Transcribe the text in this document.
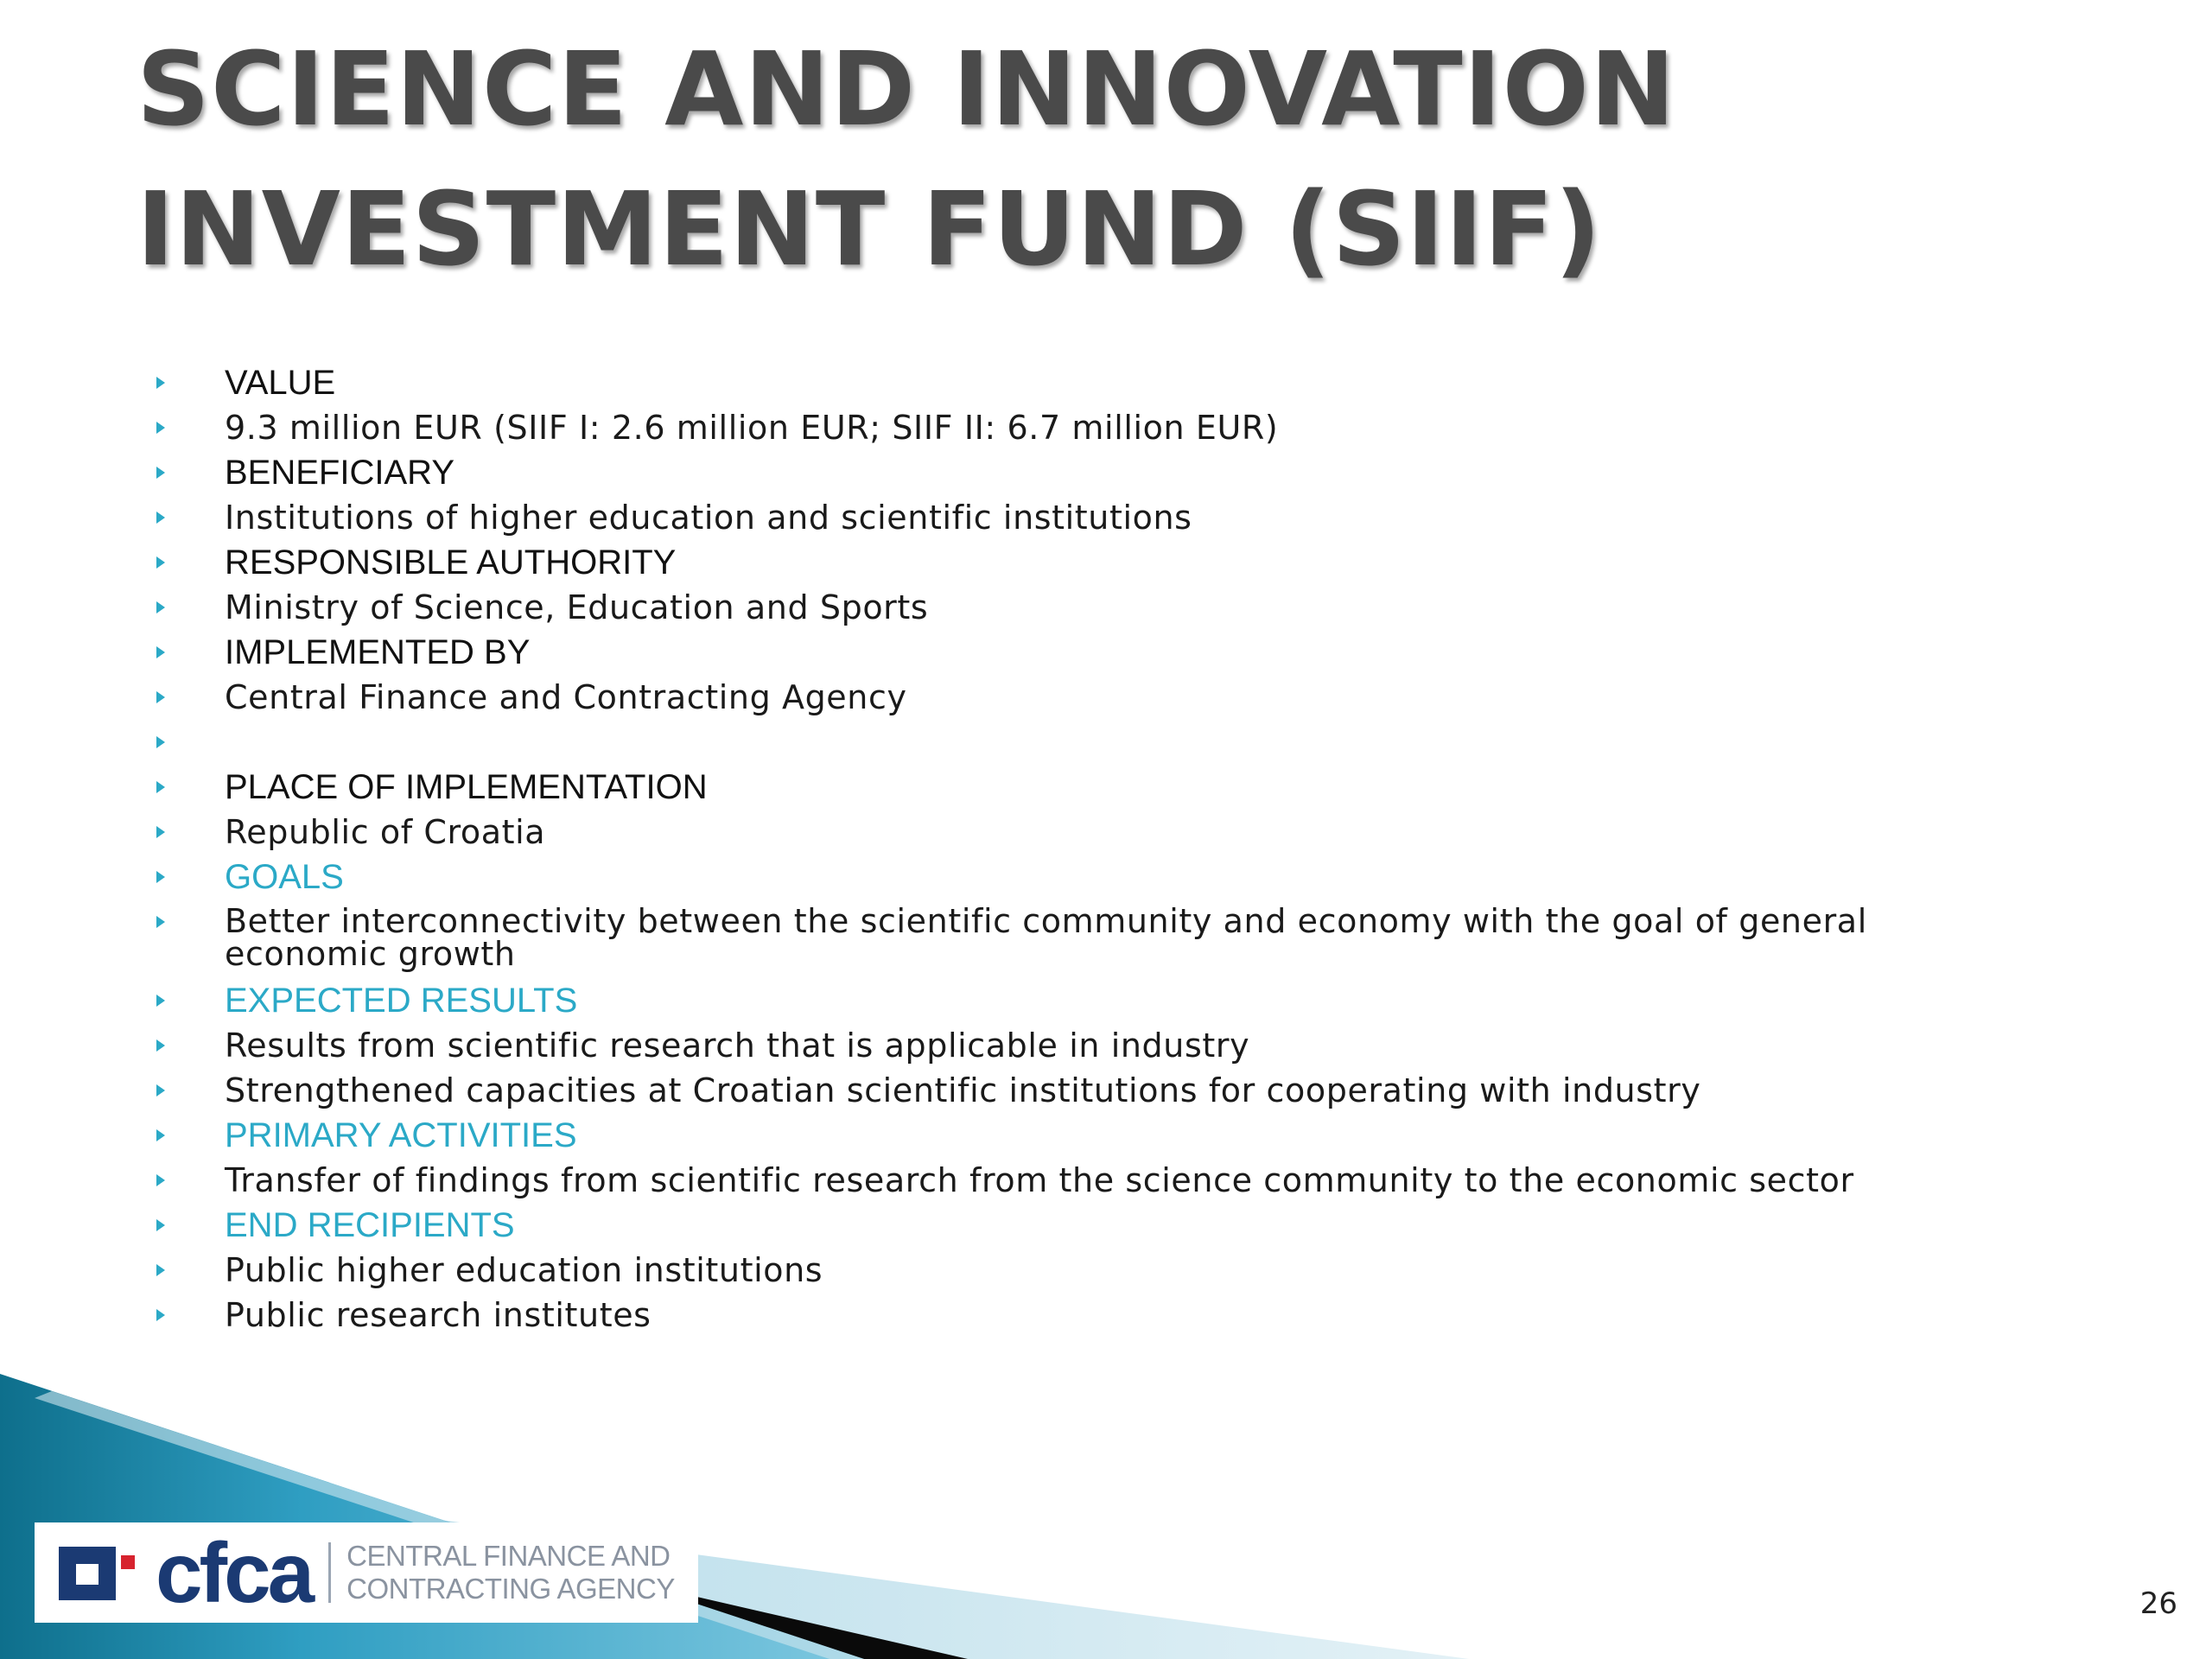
SCIENCE AND INNOVATION
INVESTMENT FUND (SIIF)
VALUE
9.3 million EUR (SIIF I: 2.6 million EUR; SIIF II: 6.7 million EUR)
BENEFICIARY
Institutions of higher education and scientific institutions
RESPONSIBLE AUTHORITY
Ministry of Science, Education and Sports
IMPLEMENTED BY
Central Finance and Contracting Agency
PLACE OF IMPLEMENTATION
Republic of Croatia
GOALS
Better interconnectivity between the scientific community and economy with the goal of general economic growth
EXPECTED RESULTS
Results from scientific research that is applicable in industry
Strengthened capacities at Croatian scientific institutions for cooperating with industry
PRIMARY ACTIVITIES
Transfer of findings from scientific research from the science community to the economic sector
END RECIPIENTS
Public higher education institutions
Public research institutes
cfca CENTRAL FINANCE AND
CONTRACTING AGENCY	26
